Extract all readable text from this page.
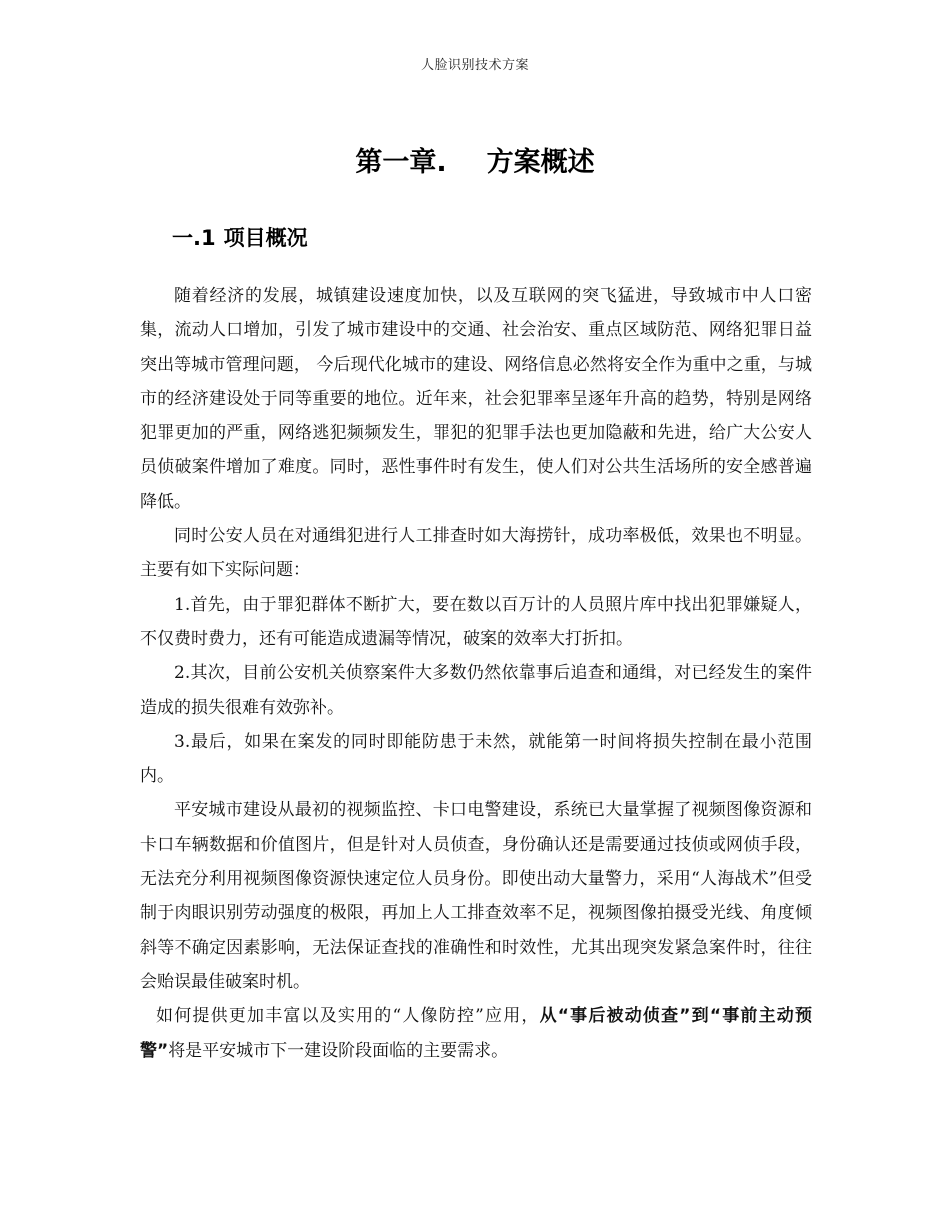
人脸识别技术方案
第一章. 方案概述
一.1 项目概况

随着经济的发展，城镇建设速度加快，以及互联网的突飞猛进，导致城市中人口密集，流动人口增加，引发了城市建设中的交通、社会治安、重点区域防范、网络犯罪日益突出等城市管理问题， 今后现代化城市的建设、网络信息必然将安全作为重中之重，与城市的经济建设处于同等重要的地位。近年来，社会犯罪率呈逐年升高的趋势，特别是网络犯罪更加的严重，网络逃犯频频发生，罪犯的犯罪手法也更加隐蔽和先进，给广大公安人员侦破案件增加了难度。同时，恶性事件时有发生，使人们对公共生活场所的安全感普遍降低。

同时公安人员在对通缉犯进行人工排查时如大海捞针，成功率极低，效果也不明显。主要有如下实际问题：

1.首先，由于罪犯群体不断扩大，要在数以百万计的人员照片库中找出犯罪嫌疑人，不仅费时费力，还有可能造成遗漏等情况，破案的效率大打折扣。

2.其次，目前公安机关侦察案件大多数仍然依靠事后追查和通缉，对已经发生的案件造成的损失很难有效弥补。

3.最后，如果在案发的同时即能防患于未然，就能第一时间将损失控制在最小范围内。

平安城市建设从最初的视频监控、卡口电警建设，系统已大量掌握了视频图像资源和卡口车辆数据和价值图片，但是针对人员侦查，身份确认还是需要通过技侦或网侦手段，无法充分利用视频图像资源快速定位人员身份。即使出动大量警力，采用“人海战术”但受制于肉眼识别劳动强度的极限，再加上人工排查效率不足，视频图像拍摄受光线、角度倾斜等不确定因素影响，无法保证查找的准确性和时效性，尤其出现突发紧急案件时，往往会贻误最佳破案时机。

如何提供更加丰富以及实用的“人像防控”应用，从“事后被动侦查”到“事前主动预警”将是平安城市下一建设阶段面临的主要需求。
